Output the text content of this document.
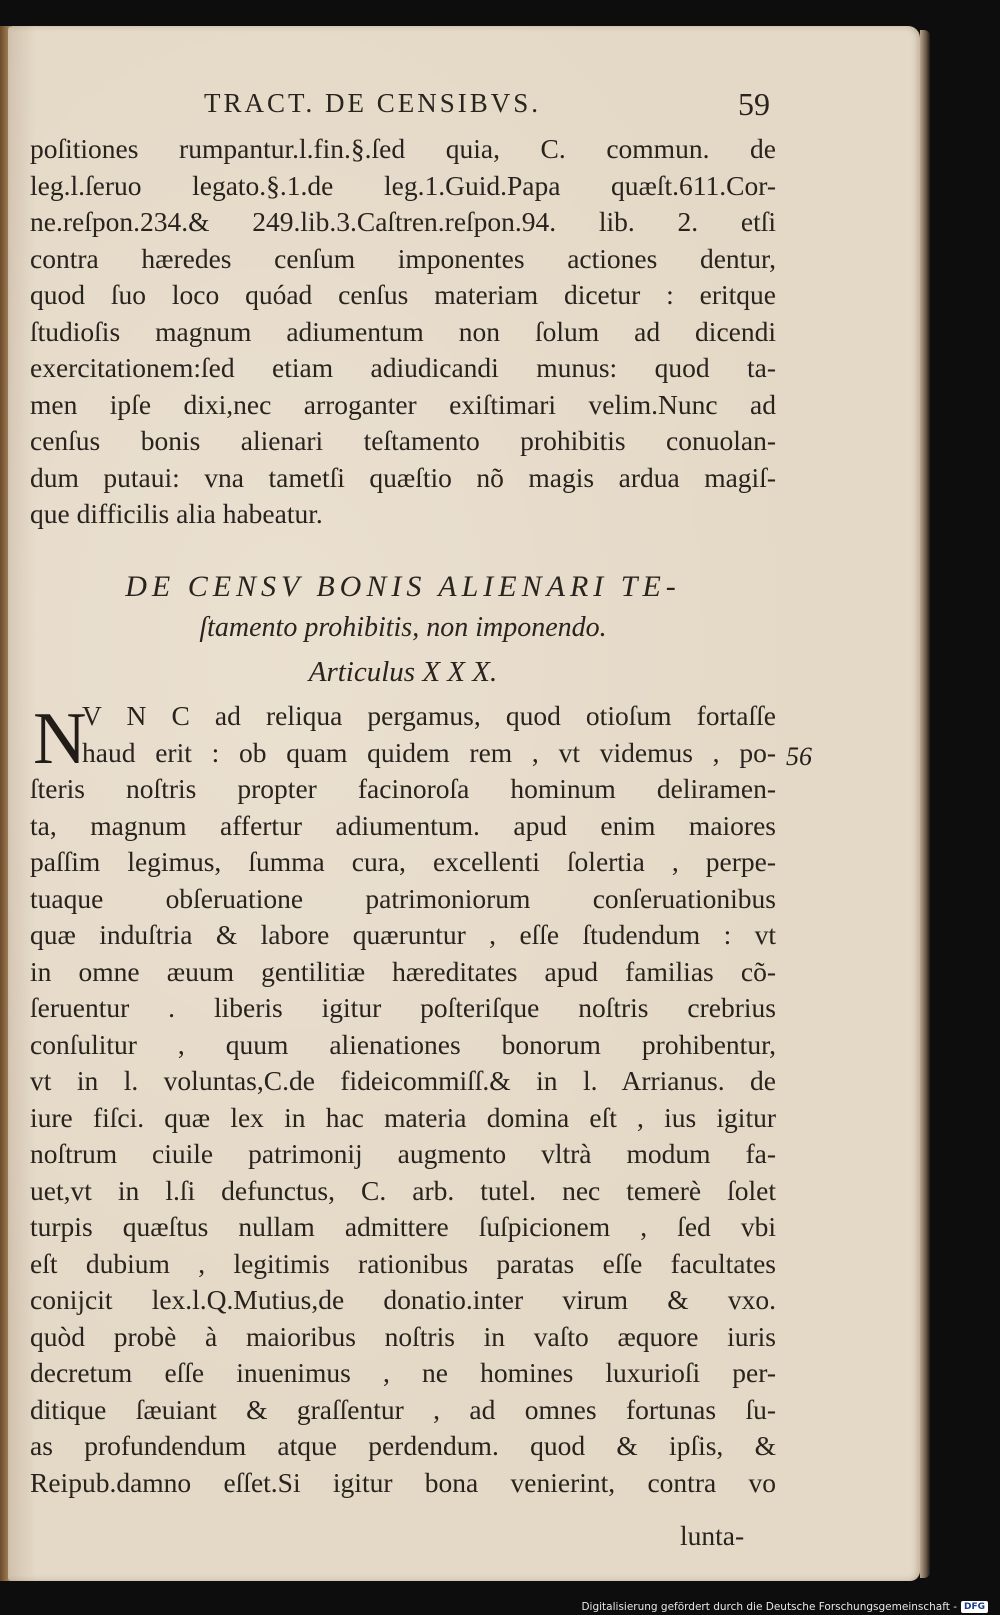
TRACT. DE CENSIBVS.	59
poſitiones rumpantur.l.fin.§.ſed quia, C. commun. de
leg.l.ſeruo legato.§.1.de leg.1.Guid.Papa quæſt.611.Cor-
ne.reſpon.234.& 249.lib.3.Caſtren.reſpon.94. lib. 2. etſi
contra hæredes cenſum imponentes actiones dentur,
quod ſuo loco quóad cenſus materiam dicetur : eritque
ſtudioſis magnum adiumentum non ſolum ad dicendi
exercitationem:ſed etiam adiudicandi munus: quod ta-
men ipſe dixi,nec arroganter exiſtimari velim.Nunc ad
cenſus bonis alienari teſtamento prohibitis conuolan-
dum putaui: vna tametſi quæſtio nõ magis ardua magiſ-
que difficilis alia habeatur.
DE CENSV BONIS ALIENARI TE-
ſtamento prohibitis, non imponendo.
Articulus X X X.
N
V N C ad reliqua pergamus, quod otioſum fortaſſe
haud erit : ob quam quidem rem , vt videmus , po-
ſteris noſtris propter facinoroſa hominum deliramen-
ta, magnum affertur adiumentum. apud enim maiores
paſſim legimus, ſumma cura, excellenti ſolertia , perpe-
tuaque obſeruatione patrimoniorum conſeruationibus
quæ induſtria & labore quæruntur , eſſe ſtudendum : vt
in omne æuum gentilitiæ hæreditates apud familias cõ-
ſeruentur . liberis igitur poſteriſque noſtris crebrius
conſulitur , quum alienationes bonorum prohibentur,
vt in l. voluntas,C.de fideicommiſſ.& in l. Arrianus. de
iure fiſci. quæ lex in hac materia domina eſt , ius igitur
noſtrum ciuile patrimonij augmento vltrà modum fa-
uet,vt in l.ſi defunctus, C. arb. tutel. nec temerè ſolet
turpis quæſtus nullam admittere ſuſpicionem , ſed vbi
eſt dubium , legitimis rationibus paratas eſſe facultates
conijcit lex.l.Q.Mutius,de donatio.inter virum & vxo.
quòd probè à maioribus noſtris in vaſto æquore iuris
decretum eſſe inuenimus , ne homines luxurioſi per-
ditique ſæuiant & graſſentur , ad omnes fortunas ſu-
as profundendum atque perdendum. quod & ipſis, &
Reipub.damno eſſet.Si igitur bona venierint, contra vo
56
lunta-
Digitalisierung gefördert durch die Deutsche Forschungsgemeinschaft - DFG
